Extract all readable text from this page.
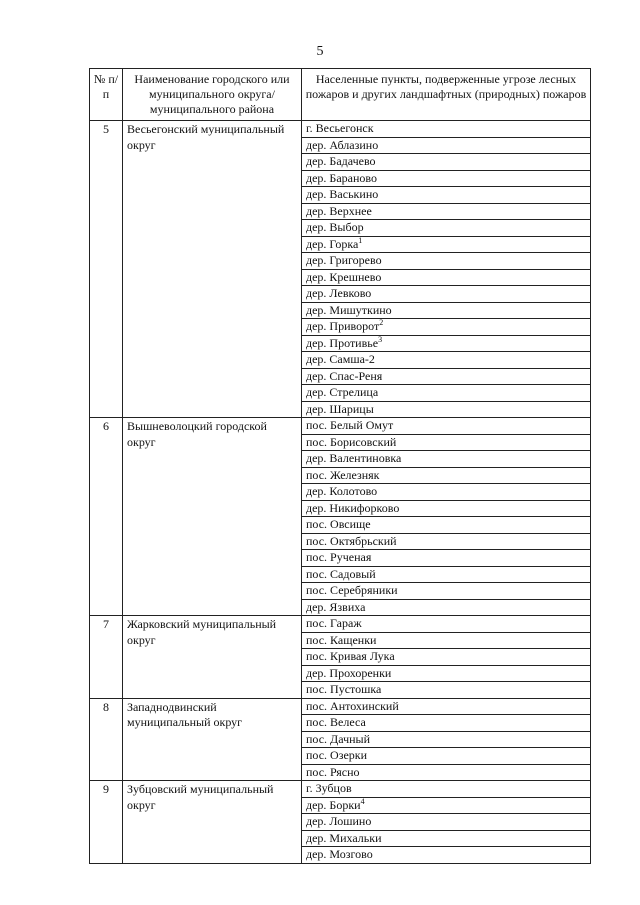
5
№ п/п	Наименование городского или муниципального округа/муниципального района	Населенные пункты, подверженные угрозе лесных пожаров и других ландшафтных (природных) пожаров
5	Весьегонский муниципальный округ	г. Весьегонск
		дер. Аблазино
		дер. Бадачево
		дер. Бараново
		дер. Васькино
		дер. Верхнее
		дер. Выбор
		дер. Горка$^1$
		дер. Григорево
		дер. Крешнево
		дер. Левково
		дер. Мишуткино
		дер. Приворот$^2$
		дер. Противье$^3$
		дер. Самша-2
		дер. Спас-Реня
		дер. Стрелица
		дер. Шарицы
6	Вышневолоцкий городской округ	пос. Белый Омут
		пос. Борисовский
		дер. Валентиновка
		пос. Железняк
		дер. Колотово
		дер. Никифорково
		пос. Овсище
		пос. Октябрьский
		пос. Рученая
		пос. Садовый
		пос. Серебряники
		дер. Язвиха
7	Жарковский муниципальный округ	пос. Гараж
		пос. Кащенки
		пос. Кривая Лука
		дер. Прохоренки
		пос. Пустошка
8	Западнодвинский муниципальный округ	пос. Антохинский
		пос. Велеса
		пос. Дачный
		пос. Озерки
		пос. Рясно
9	Зубцовский муниципальный округ	г. Зубцов
		дер. Борки$^4$
		дер. Лошино
		дер. Михальки
		дер. Мозгово
